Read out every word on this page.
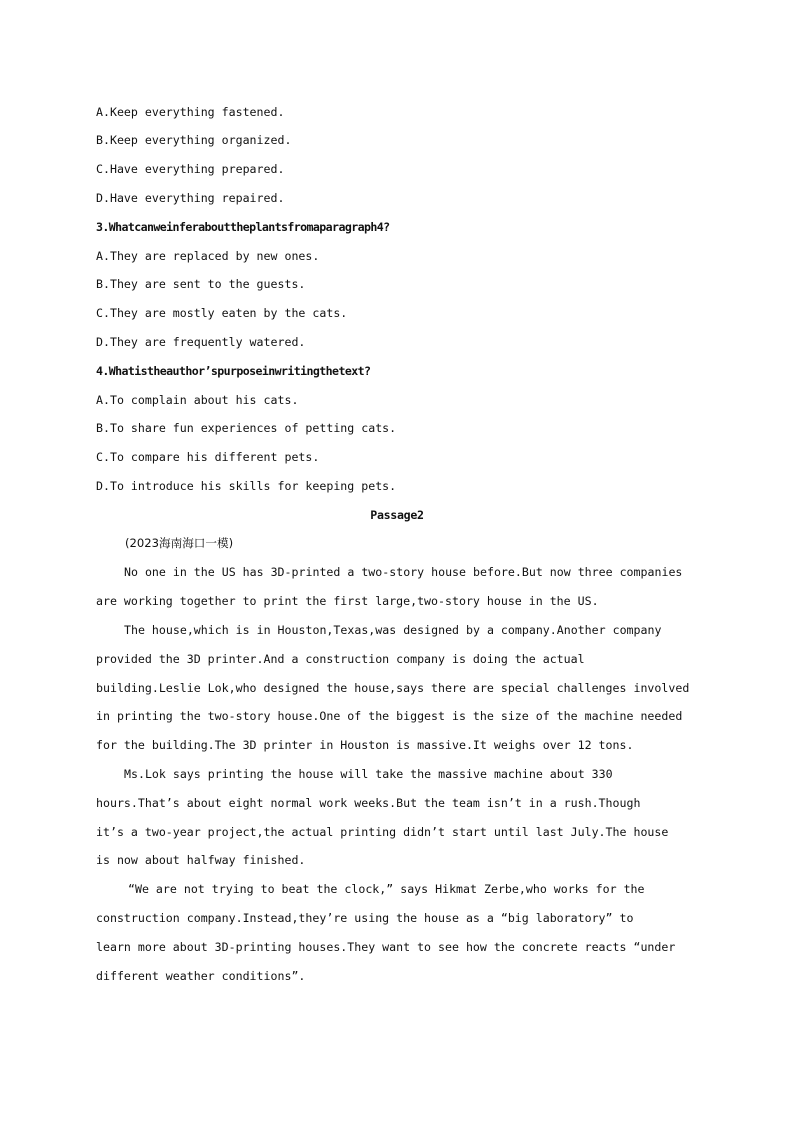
A.Keep everything fastened.
B.Keep everything organized.
C.Have everything prepared.
D.Have everything repaired.
3.Whatcanweinferabouttheplantsfromaparagraph4?
A.They are replaced by new ones.
B.They are sent to the guests.
C.They are mostly eaten by the cats.
D.They are frequently watered.
4.Whatistheauthor’spurposeinwritingthetext?
A.To complain about his cats.
B.To share fun experiences of petting cats.
C.To compare his different pets.
D.To introduce his skills for keeping pets.
Passage2
(2023海南海口一模)
No one in the US has 3D-printed a two-story house before.But now three companies
are working together to print the first large,two-story house in the US.
The house,which is in Houston,Texas,was designed by a company.Another company
provided the 3D printer.And a construction company is doing the actual
building.Leslie Lok,who designed the house,says there are special challenges involved
in printing the two-story house.One of the biggest is the size of the machine needed
for the building.The 3D printer in Houston is massive.It weighs over 12 tons.
Ms.Lok says printing the house will take the massive machine about 330
hours.That’s about eight normal work weeks.But the team isn’t in a rush.Though
it’s a two-year project,the actual printing didn’t start until last July.The house
is now about halfway finished.
“We are not trying to beat the clock,” says Hikmat Zerbe,who works for the
construction company.Instead,they’re using the house as a “big laboratory” to
learn more about 3D-printing houses.They want to see how the concrete reacts “under
different weather conditions”.
